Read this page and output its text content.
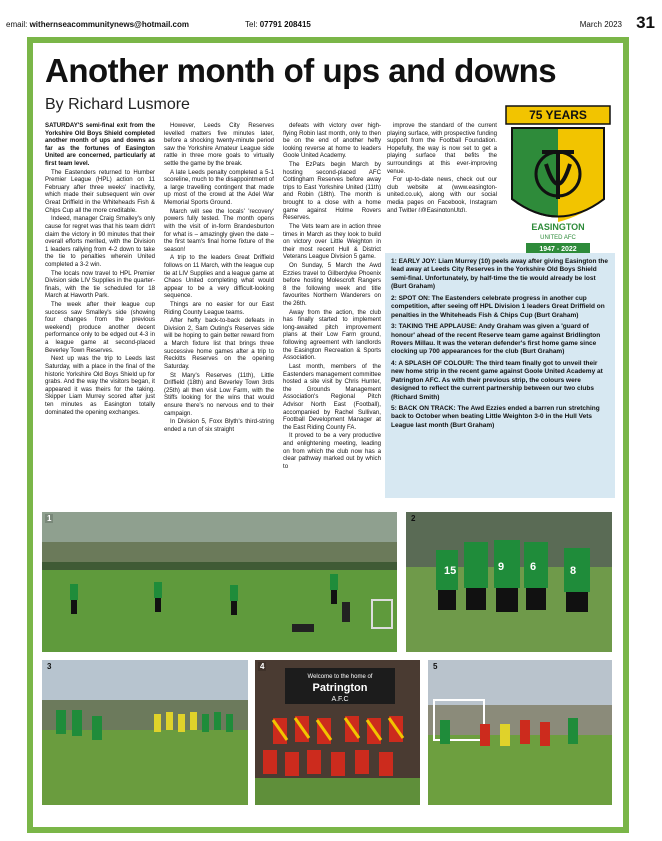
email: withernseacommunitynews@hotmail.com	Tel: 07791 208415	March 2023 31
Another month of ups and downs
By Richard Lusmore

SATURDAY'S semi-final exit from the Yorkshire Old Boys Shield completed another month of ups and downs as far as the fortunes of Easington United are concerned, particularly at first team level.

The Eastenders returned to Humber Premier League (HPL) action on 11 February after three weeks' inactivity, which made their subsequent win over Great Driffield in the Whiteheads Fish & Chips Cup all the more creditable.

Indeed, manager Craig Smalley's only cause for regret was that his team didn't claim the victory in 90 minutes that their overall efforts merited, with the Division 1 leaders rallying from 4-2 down to take the tie to penalties wherein United completed a 3-2 win.

The locals now travel to HPL Premier Division side LIV Supplies in the quarter-finals, with the tie scheduled for 18 March at Haworth Park.

The week after their league cup success saw Smalley's side (showing four changes from the previous weekend) produce another decent performance only to be edged out 4-3 in a league game at second-placed Beverley Town Reserves.

Next up was the trip to Leeds last Saturday, with a place in the final of the historic Yorkshire Old Boys Shield up for grabs. And the way the visitors began, it appeared it was theirs for the taking. Skipper Liam Murrey scored after just ten minutes as Easington totally dominated the opening exchanges.

However, Leeds City Reserves levelled matters five minutes later, before a shocking twenty-minute period saw the Yorkshire Amateur League side rattle in three more goals to virtually settle the game by the break.

A late Leeds penalty completed a 5-1 scoreline, much to the disappointment of a large travelling contingent that made up most of the crowd at the Adel War Memorial Sports Ground.

March will see the locals' 'recovery' powers fully tested. The month opens with the visit of in-form Brandesburton for what is – amazingly given the date – the first team's final home fixture of the season!

A trip to the leaders Great Driffield follows on 11 March, with the league cup tie at LIV Supplies and a league game at Chaos United completing what would appear to be a very difficult-looking sequence.

Things are no easier for our East Riding County League teams.

After hefty back-to-back defeats in Division 2, Sam Outing's Reserves side will be hoping to gain better reward from a March fixture list that brings three successive home games after a trip to Reckitts Reserves on the opening Saturday.

St Mary's Reserves (11th), Little Driffield (18th) and Beverley Town 3rds (25th) all then visit Low Farm, with the Stiffs looking for the wins that would ensure there's no nervous end to their campaign.

In Division 5, Foxx Blyth's third-string ended a run of six straight

defeats with victory over high-flying Robin last month, only to then be on the end of another hefty looking reverse at home to leaders Goole United Academy.

The EzPats begin March by hosting second-placed AFC Cottingham Reserves before away trips to East Yorkshire United (11th) and Robin (18th). The month is brought to a close with a home game against Holme Rovers Reserves.

The Vets team are in action three times in March as they look to build on victory over Little Weighton in their most recent Hull & District Veterans League Division 5 game.

On Sunday, 5 March the Awd Ezzies travel to Gilberdyke Phoenix before hosting Molescroft Rangers 8 the following week and title favourites Northern Wanderers on the 26th.

Away from the action, the club has finally started to implement long-awaited pitch improvement plans at their Low Farm ground, following agreement with landlords the Easington Recreation & Sports Association.

Last month, members of the Eastenders management committee hosted a site visit by Chris Hunter, the Grounds Management Association's Regional Pitch Advisor North East (Football), accompanied by Rachel Sullivan, Football Development Manager at the East Riding County FA.

It proved to be a very productive and enlightening meeting, leading on from which the club now has a clear pathway marked out by which to

improve the standard of the current playing surface, with prospective funding support from the Football Foundation. Hopefully, the way is now set to get a playing surface that befits the surroundings at this ever-improving venue.

For up-to-date news, check out our club website at (www.easington-united.co.uk), along with our social media pages on Facebook, Instagram and Twitter (@EasingtonUtd).

75 YEARS
EASINGTON
UNITED AFC
1947 - 2022

1: EARLY JOY: Liam Murrey (10) peels away after giving Easington the lead away at Leeds City Reserves in the Yorkshire Old Boys Shield semi-final. Unfortunately, by half-time the tie would already be lost (Burt Graham)

2: SPOT ON: The Eastenders celebrate progress in another cup competition, after seeing off HPL Division 1 leaders Great Driffield on penalties in the Whiteheads Fish & Chips Cup (Burt Graham)

3: TAKING THE APPLAUSE: Andy Graham was given a 'guard of honour' ahead of the recent Reserve team game against Bridlington Rovers Millau. It was the veteran defender's first home game since clocking up 700 appearances for the club (Burt Graham)

4: A SPLASH OF COLOUR: The third team finally got to unveil their new home strip in the recent game against Goole United Academy at Patrington AFC. As with their previous strip, the colours were designed to reflect the current partnership between our two clubs (Richard Smith)

5: BACK ON TRACK: The Awd Ezzies ended a barren run stretching back to October when beating Little Weighton 3-0 in the Hull Vets League last month (Burt Graham)

1
15	9 6	8
2
3
Welcome to the home of
Patrington
A.F.C
4	5
